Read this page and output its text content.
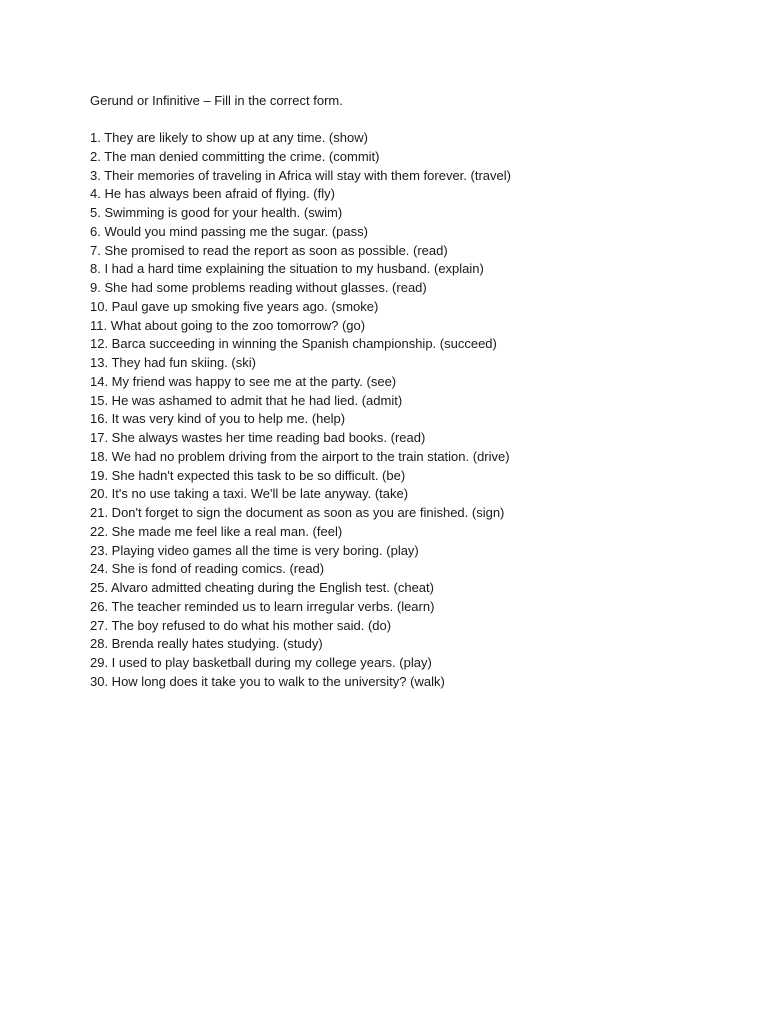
Gerund or Infinitive – Fill in the correct form.
1. They are likely to show up at any time. (show)
2. The man denied committing the crime. (commit)
3. Their memories of traveling in Africa will stay with them forever. (travel)
4. He has always been afraid of flying. (fly)
5. Swimming is good for your health. (swim)
6. Would you mind passing me the sugar. (pass)
7. She promised to read the report as soon as possible. (read)
8. I had a hard time explaining the situation to my husband. (explain)
9. She had some problems reading without glasses. (read)
10. Paul gave up smoking five years ago. (smoke)
11. What about going to the zoo tomorrow? (go)
12. Barca succeeding in winning the Spanish championship. (succeed)
13. They had fun skiing. (ski)
14. My friend was happy to see me at the party. (see)
15. He was ashamed to admit that he had lied. (admit)
16. It was very kind of you to help me. (help)
17. She always wastes her time reading bad books. (read)
18. We had no problem driving from the airport to the train station. (drive)
19. She hadn't expected this task to be so difficult. (be)
20. It's no use taking a taxi. We'll be late anyway. (take)
21. Don't forget to sign the document as soon as you are finished. (sign)
22. She made me feel like a real man. (feel)
23. Playing video games all the time is very boring. (play)
24. She is fond of reading comics. (read)
25. Alvaro admitted cheating during the English test. (cheat)
26. The teacher reminded us to learn irregular verbs. (learn)
27. The boy refused to do what his mother said. (do)
28. Brenda really hates studying. (study)
29. I used to play basketball during my college years. (play)
30. How long does it take you to walk to the university? (walk)
